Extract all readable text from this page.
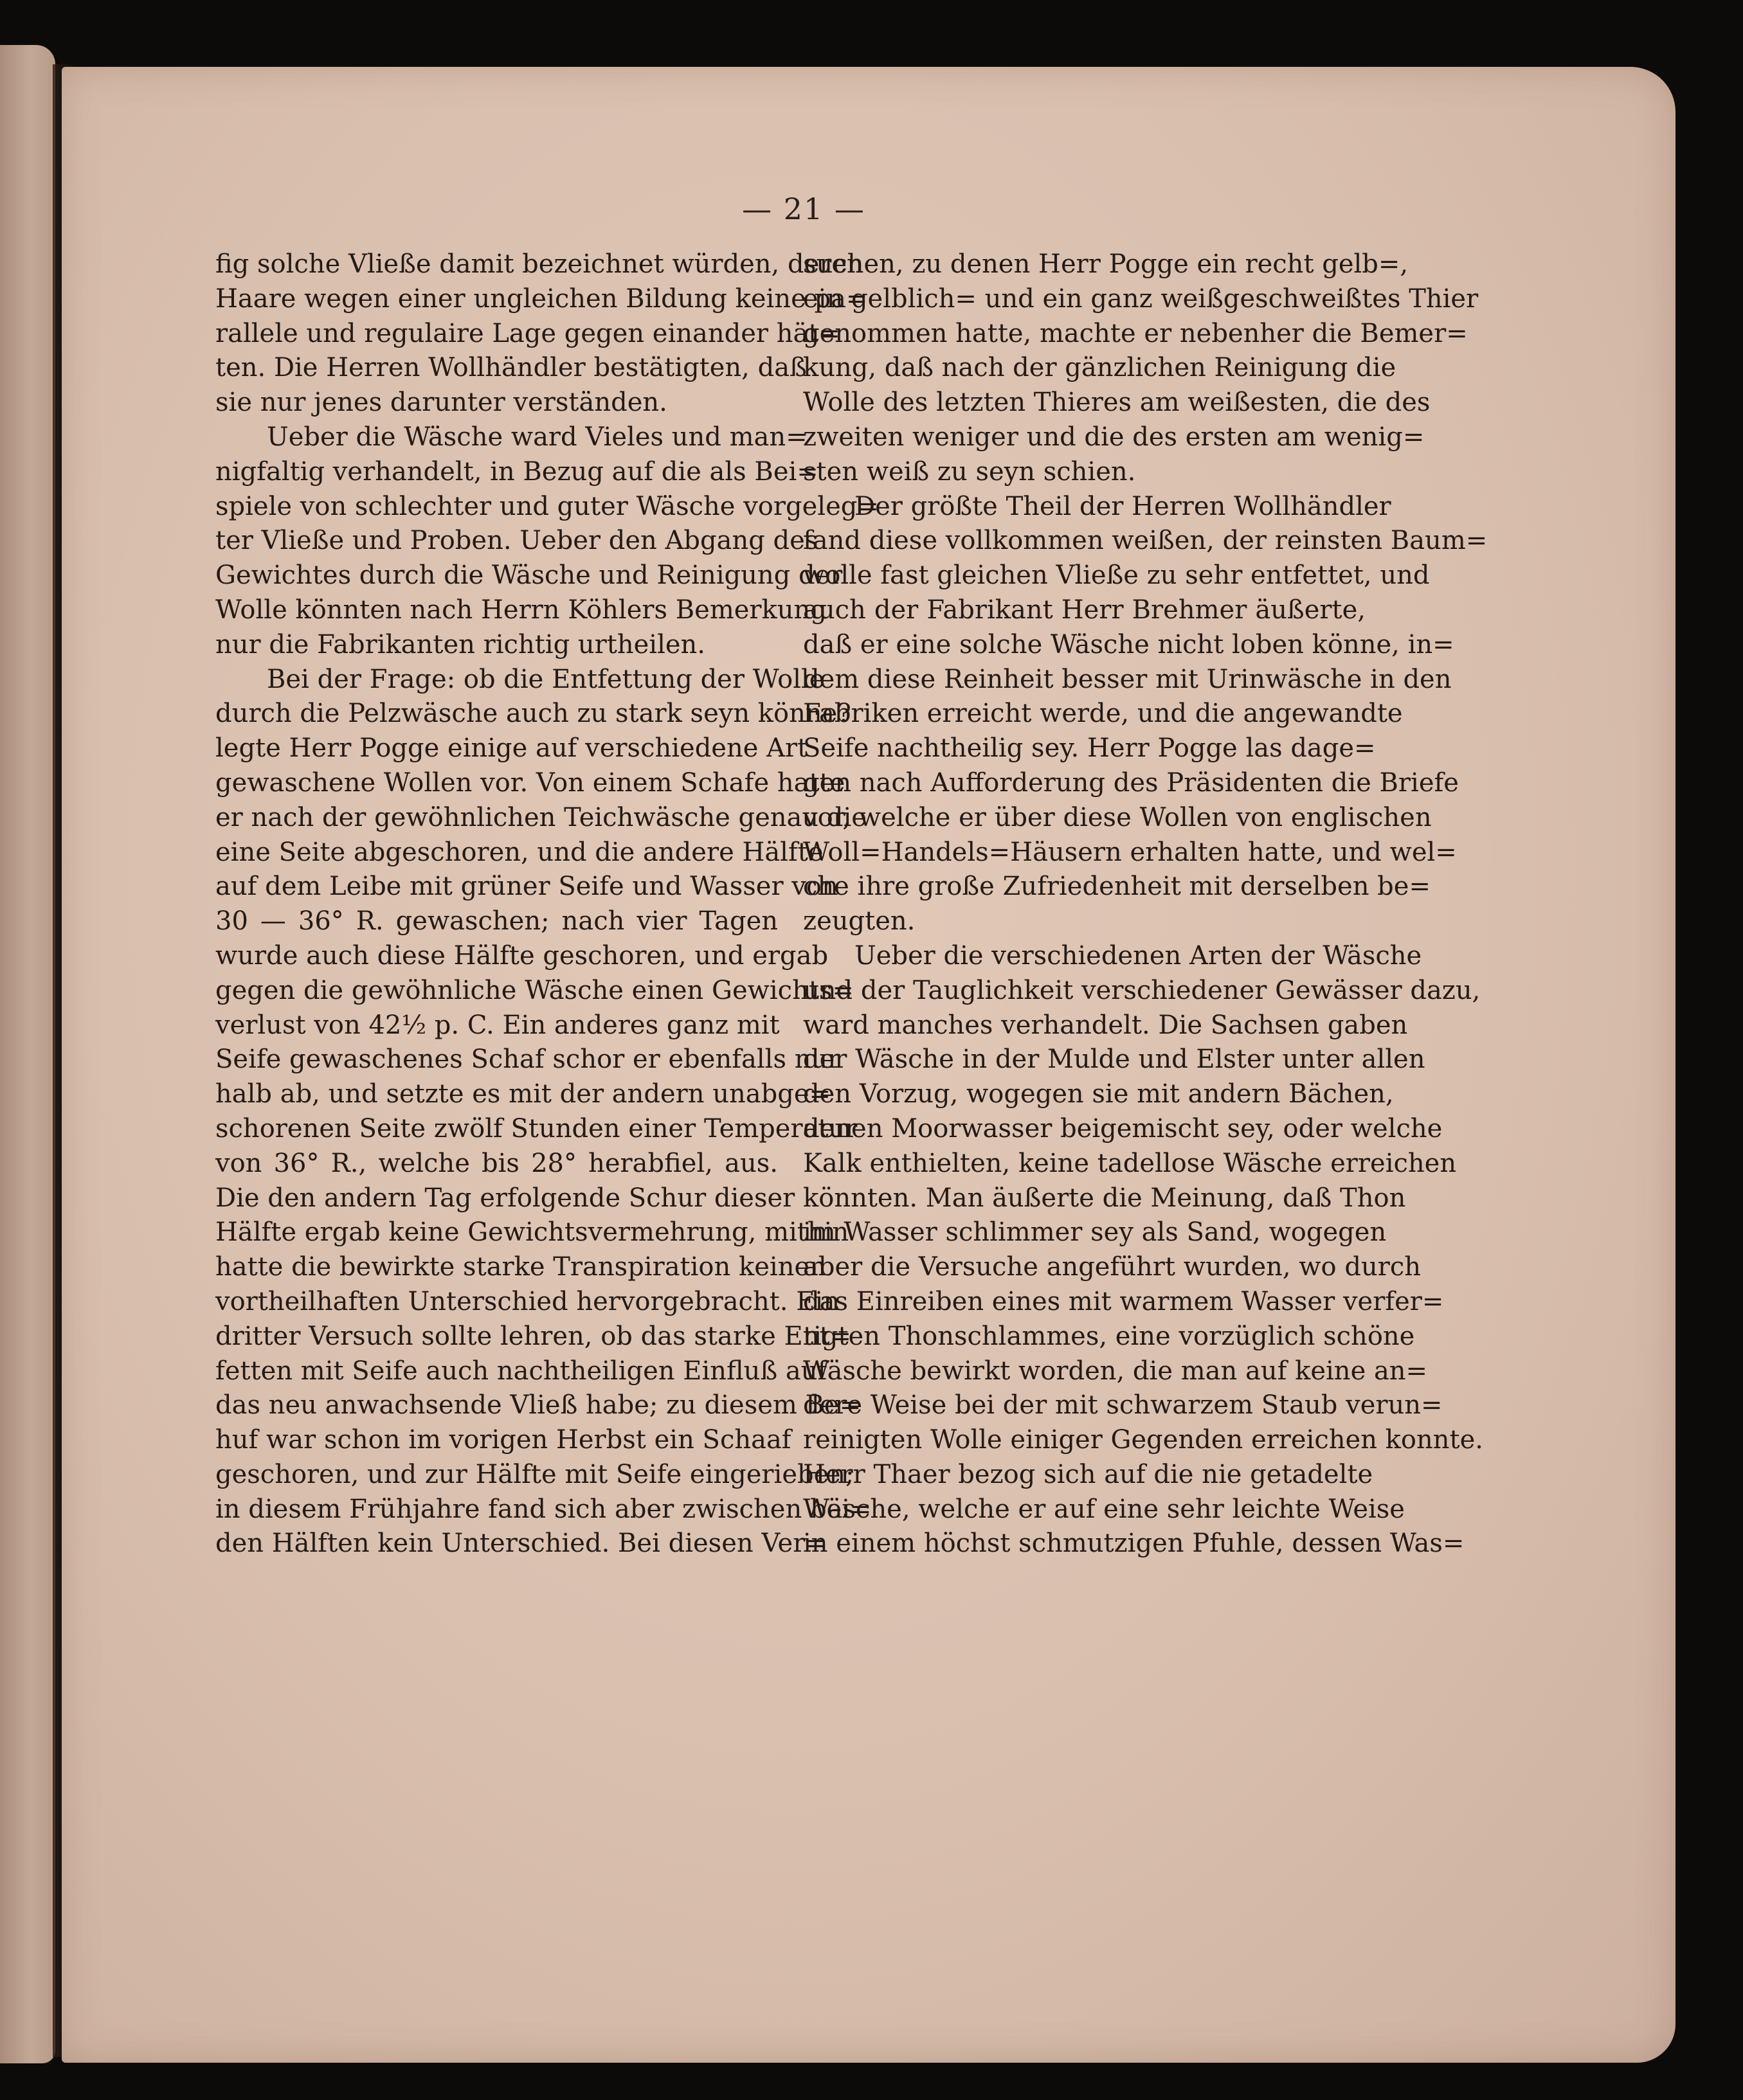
— 21 —
fig solche Vließe damit bezeichnet würden, deren
Haare wegen einer ungleichen Bildung keine pa=
rallele und regulaire Lage gegen einander hät=
ten. Die Herren Wollhändler bestätigten, daß
sie nur jenes darunter verständen.
Ueber die Wäsche ward Vieles und man=
nigfaltig verhandelt, in Bezug auf die als Bei=
spiele von schlechter und guter Wäsche vorgeleg=
ter Vließe und Proben. Ueber den Abgang des
Gewichtes durch die Wäsche und Reinigung der
Wolle könnten nach Herrn Köhlers Bemerkung
nur die Fabrikanten richtig urtheilen.
Bei der Frage: ob die Entfettung der Wolle
durch die Pelzwäsche auch zu stark seyn könne?
legte Herr Pogge einige auf verschiedene Art
gewaschene Wollen vor. Von einem Schafe hatte
er nach der gewöhnlichen Teichwäsche genau die
eine Seite abgeschoren, und die andere Hälfte
auf dem Leibe mit grüner Seife und Wasser von
30 — 36° R. gewaschen; nach vier Tagen
wurde auch diese Hälfte geschoren, und ergab
gegen die gewöhnliche Wäsche einen Gewichts=
verlust von 42½ p. C. Ein anderes ganz mit
Seife gewaschenes Schaf schor er ebenfalls nur
halb ab, und setzte es mit der andern unabge=
schorenen Seite zwölf Stunden einer Temperatur
von 36° R., welche bis 28° herabfiel, aus.
Die den andern Tag erfolgende Schur dieser
Hälfte ergab keine Gewichtsvermehrung, mithin
hatte die bewirkte starke Transpiration keinen
vortheilhaften Unterschied hervorgebracht. Ein
dritter Versuch sollte lehren, ob das starke Ent=
fetten mit Seife auch nachtheiligen Einfluß auf
das neu anwachsende Vließ habe; zu diesem Be=
huf war schon im vorigen Herbst ein Schaaf
geschoren, und zur Hälfte mit Seife eingerieben;
in diesem Frühjahre fand sich aber zwischen bei=
den Hälften kein Unterschied. Bei diesen Ver=
suchen, zu denen Herr Pogge ein recht gelb=,
ein gelblich= und ein ganz weißgeschweißtes Thier
genommen hatte, machte er nebenher die Bemer=
kung, daß nach der gänzlichen Reinigung die
Wolle des letzten Thieres am weißesten, die des
zweiten weniger und die des ersten am wenig=
sten weiß zu seyn schien.
Der größte Theil der Herren Wollhändler
fand diese vollkommen weißen, der reinsten Baum=
wolle fast gleichen Vließe zu sehr entfettet, und
auch der Fabrikant Herr Brehmer äußerte,
daß er eine solche Wäsche nicht loben könne, in=
dem diese Reinheit besser mit Urinwäsche in den
Fabriken erreicht werde, und die angewandte
Seife nachtheilig sey. Herr Pogge las dage=
gen nach Aufforderung des Präsidenten die Briefe
vor, welche er über diese Wollen von englischen
Woll=Handels=Häusern erhalten hatte, und wel=
che ihre große Zufriedenheit mit derselben be=
zeugten.
Ueber die verschiedenen Arten der Wäsche
und der Tauglichkeit verschiedener Gewässer dazu,
ward manches verhandelt. Die Sachsen gaben
der Wäsche in der Mulde und Elster unter allen
den Vorzug, wogegen sie mit andern Bächen,
denen Moorwasser beigemischt sey, oder welche
Kalk enthielten, keine tadellose Wäsche erreichen
könnten. Man äußerte die Meinung, daß Thon
im Wasser schlimmer sey als Sand, wogegen
aber die Versuche angeführt wurden, wo durch
das Einreiben eines mit warmem Wasser verfer=
tigten Thonschlammes, eine vorzüglich schöne
Wäsche bewirkt worden, die man auf keine an=
dere Weise bei der mit schwarzem Staub verun=
reinigten Wolle einiger Gegenden erreichen konnte.
Herr Thaer bezog sich auf die nie getadelte
Wäsche, welche er auf eine sehr leichte Weise
in einem höchst schmutzigen Pfuhle, dessen Was=
